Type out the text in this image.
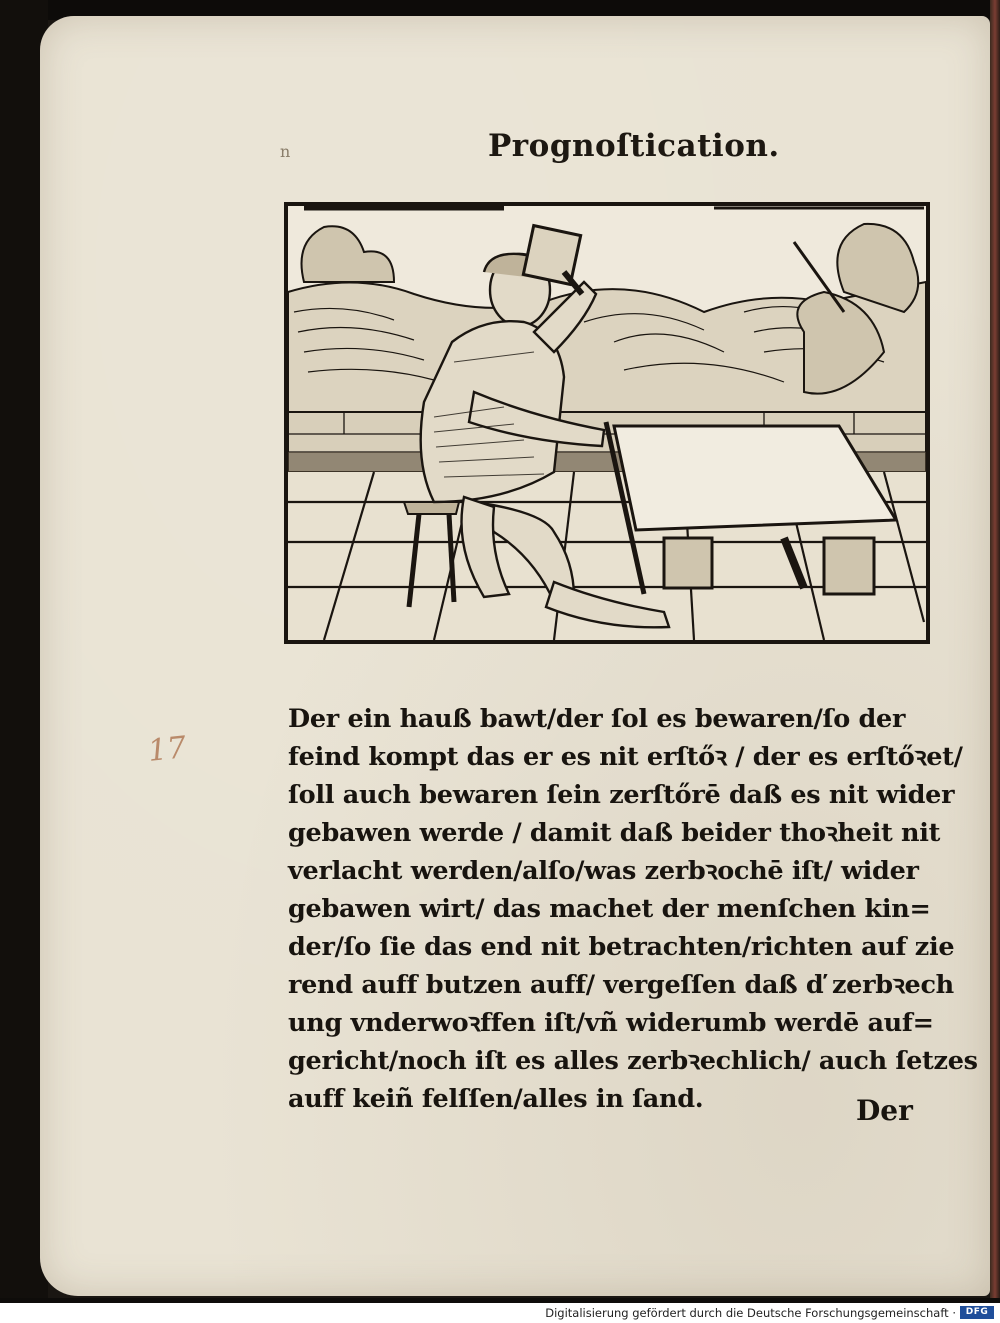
n	Prognoſtication.
17
Der ein hauß bawt/der ſol es bewaren/ſo der
feind kompt das er es nit erſtőꝛ / der es erſtőꝛet/
ſoll auch bewaren ſein zerſtőrē daß es nit wider
gebawen werde / damit daß beider thoꝛheit nit
verlacht werden/alſo/was zerbꝛochē iſt/ wider
gebawen wirt/ das machet der menſchen kin=
der/ſo ſie das end nit betrachten/richten auf zie
rend auff butzen auff/ vergeſſen daß ď zerbꝛech
ung vnderwoꝛffen iſt/vñ widerumb werdē auf=
gericht/noch iſt es alles zerbꝛechlich/ auch ſetzes
auff keiñ felſſen/alles in ſand.	Der
Digitalisierung gefördert durch die Deutsche Forschungsgemeinschaft ·	DFG
